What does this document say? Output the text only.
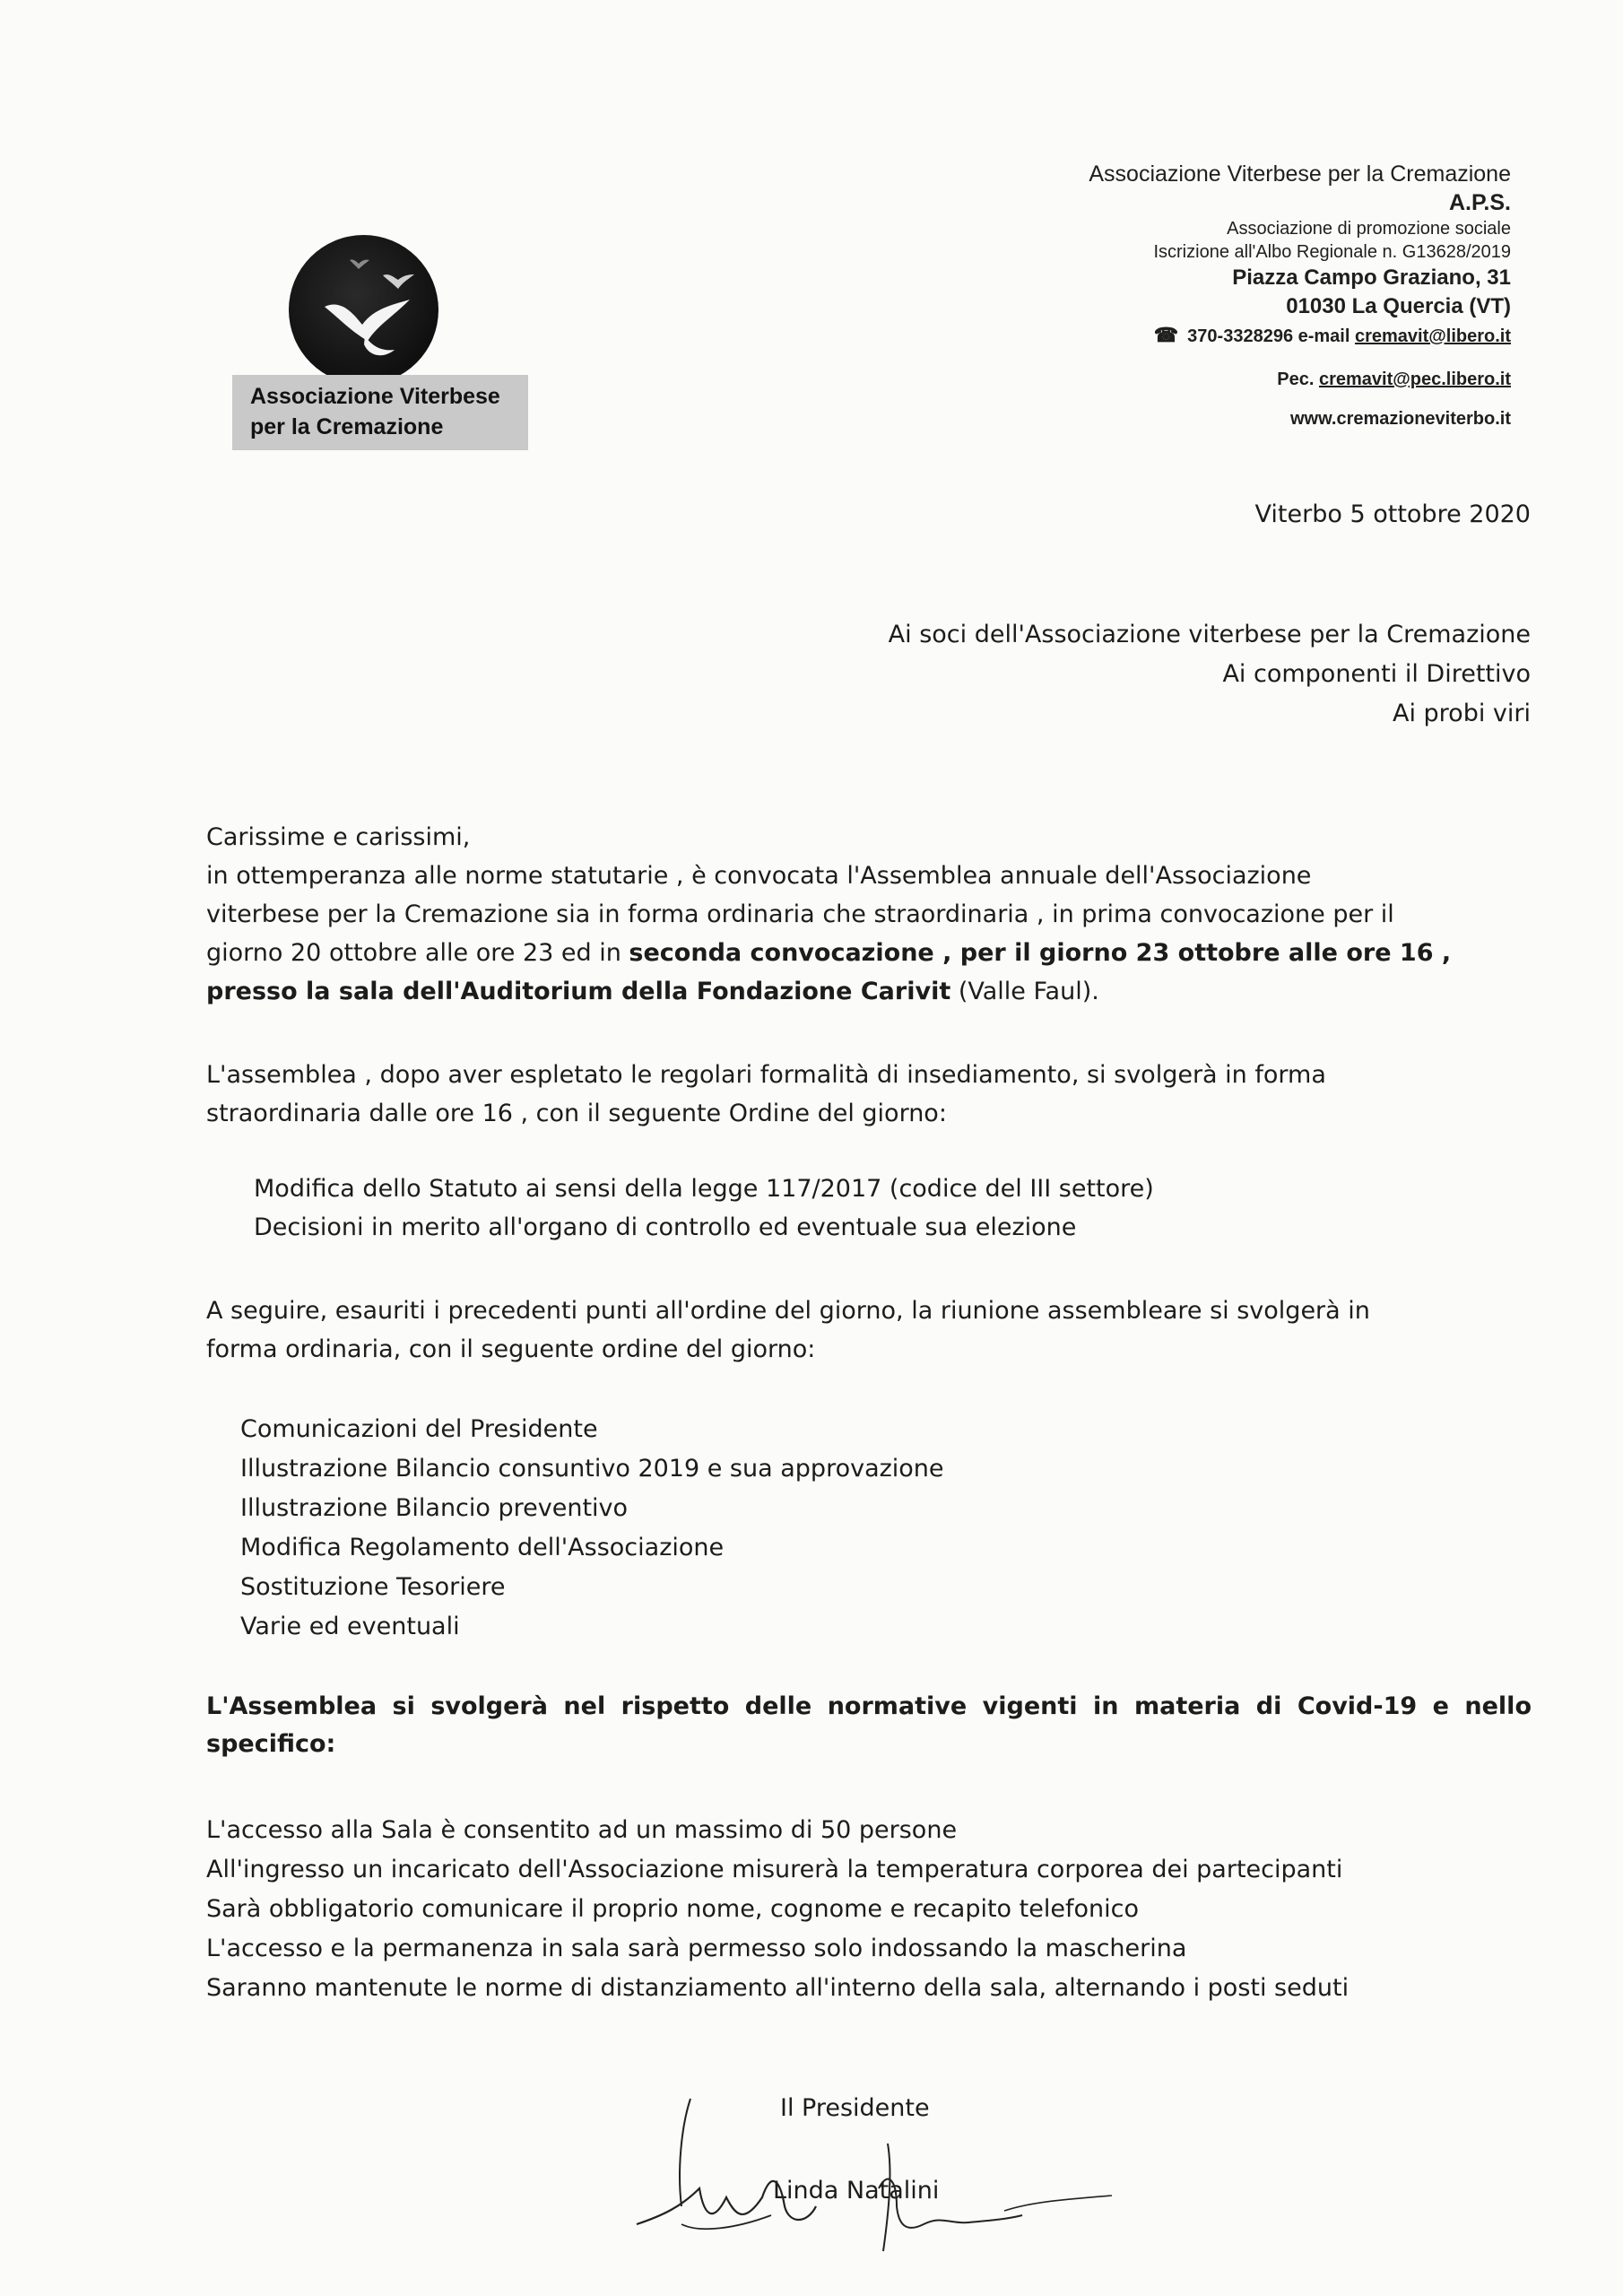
Associazione Viterbese
per la Cremazione
Associazione Viterbese per la Cremazione
A.P.S.
Associazione di promozione sociale
Iscrizione all'Albo Regionale n. G13628/2019
Piazza Campo Graziano, 31
01030 La Quercia (VT)
☎ 370-3328296 e-mail cremavit@libero.it
Pec. cremavit@pec.libero.it
www.cremazioneviterbo.it
Viterbo 5 ottobre 2020
Ai soci dell'Associazione viterbese per la Cremazione
Ai componenti il Direttivo
Ai probi viri
Carissime e carissimi,

in ottemperanza alle norme statutarie , è convocata l'Assemblea annuale dell'Associazione

viterbese per la Cremazione sia in forma ordinaria che straordinaria , in prima convocazione per il

giorno 20 ottobre alle ore 23 ed in seconda convocazione , per il giorno 23 ottobre alle ore 16 ,

presso la sala dell'Auditorium della Fondazione Carivit (Valle Faul).

L'assemblea , dopo aver espletato le regolari formalità di insediamento, si svolgerà in forma

straordinaria dalle ore 16 , con il seguente Ordine del giorno:

Modifica dello Statuto ai sensi della legge 117/2017 (codice del III settore)
Decisioni in merito all'organo di controllo ed eventuale sua elezione

A seguire, esauriti i precedenti punti all'ordine del giorno, la riunione assembleare si svolgerà in

forma ordinaria, con il seguente ordine del giorno:

Comunicazioni del Presidente
Illustrazione Bilancio consuntivo 2019 e sua approvazione
Illustrazione Bilancio preventivo
Modifica Regolamento dell'Associazione
Sostituzione Tesoriere
Varie ed eventuali
L'Assemblea si svolgerà nel rispetto delle normative vigenti in materia di Covid-19 e nello
specifico:
L'accesso alla Sala è consentito ad un massimo di 50 persone
All'ingresso un incaricato dell'Associazione misurerà la temperatura corporea dei partecipanti
Sarà obbligatorio comunicare il proprio nome, cognome e recapito telefonico
L'accesso e la permanenza in sala sarà permesso solo indossando la mascherina
Saranno mantenute le norme di distanziamento all'interno della sala, alternando i posti seduti
Il Presidente
Linda Natalini
